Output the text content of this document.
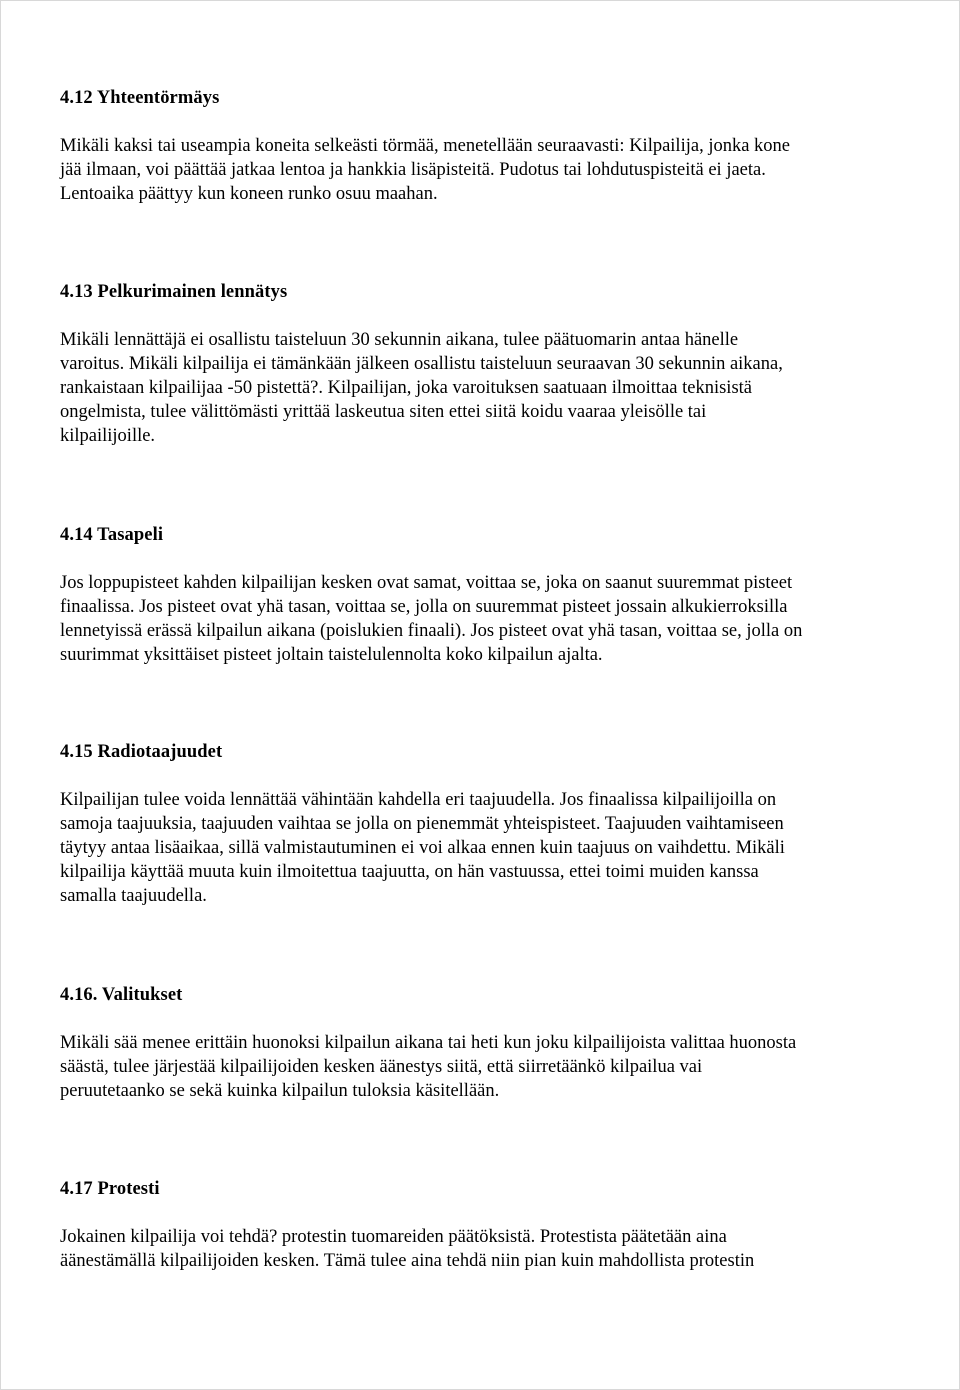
4.12 Yhteentörmäys

Mikäli kaksi tai useampia koneita selkeästi törmää, menetellään seuraavasti: Kilpailija, jonka kone
jää ilmaan, voi päättää jatkaa lentoa ja hankkia lisäpisteitä. Pudotus tai lohdutuspisteitä ei jaeta.
Lentoaika päättyy kun koneen runko osuu maahan.

4.13 Pelkurimainen lennätys

Mikäli lennättäjä ei osallistu taisteluun 30 sekunnin aikana, tulee päätuomarin antaa hänelle
varoitus. Mikäli kilpailija ei tämänkään jälkeen osallistu taisteluun seuraavan 30 sekunnin aikana,
rankaistaan kilpailijaa -50 pistettä?. Kilpailijan, joka varoituksen saatuaan ilmoittaa teknisistä
ongelmista, tulee välittömästi yrittää laskeutua siten ettei siitä koidu vaaraa yleisölle tai
kilpailijoille.

4.14 Tasapeli

Jos loppupisteet kahden kilpailijan kesken ovat samat, voittaa se, joka on saanut suuremmat pisteet
finaalissa. Jos pisteet ovat yhä tasan, voittaa se, jolla on suuremmat pisteet jossain alkukierroksilla
lennetyissä erässä kilpailun aikana (poislukien finaali). Jos pisteet ovat yhä tasan, voittaa se, jolla on
suurimmat yksittäiset pisteet joltain taistelulennolta koko kilpailun ajalta.

4.15 Radiotaajuudet

Kilpailijan tulee voida lennättää vähintään kahdella eri taajuudella. Jos finaalissa kilpailijoilla on
samoja taajuuksia, taajuuden vaihtaa se jolla on pienemmät yhteispisteet. Taajuuden vaihtamiseen
täytyy antaa lisäaikaa, sillä valmistautuminen ei voi alkaa ennen kuin taajuus on vaihdettu. Mikäli
kilpailija käyttää muuta kuin ilmoitettua taajuutta, on hän vastuussa, ettei toimi muiden kanssa
samalla taajuudella.

4.16. Valitukset

Mikäli sää menee erittäin huonoksi kilpailun aikana tai heti kun joku kilpailijoista valittaa huonosta
säästä, tulee järjestää kilpailijoiden kesken äänestys siitä, että siirretäänkö kilpailua vai
peruutetaanko se sekä kuinka kilpailun tuloksia käsitellään.

4.17 Protesti

Jokainen kilpailija voi tehdä? protestin tuomareiden päätöksistä. Protestista päätetään aina
äänestämällä kilpailijoiden kesken. Tämä tulee aina tehdä niin pian kuin mahdollista protestin
